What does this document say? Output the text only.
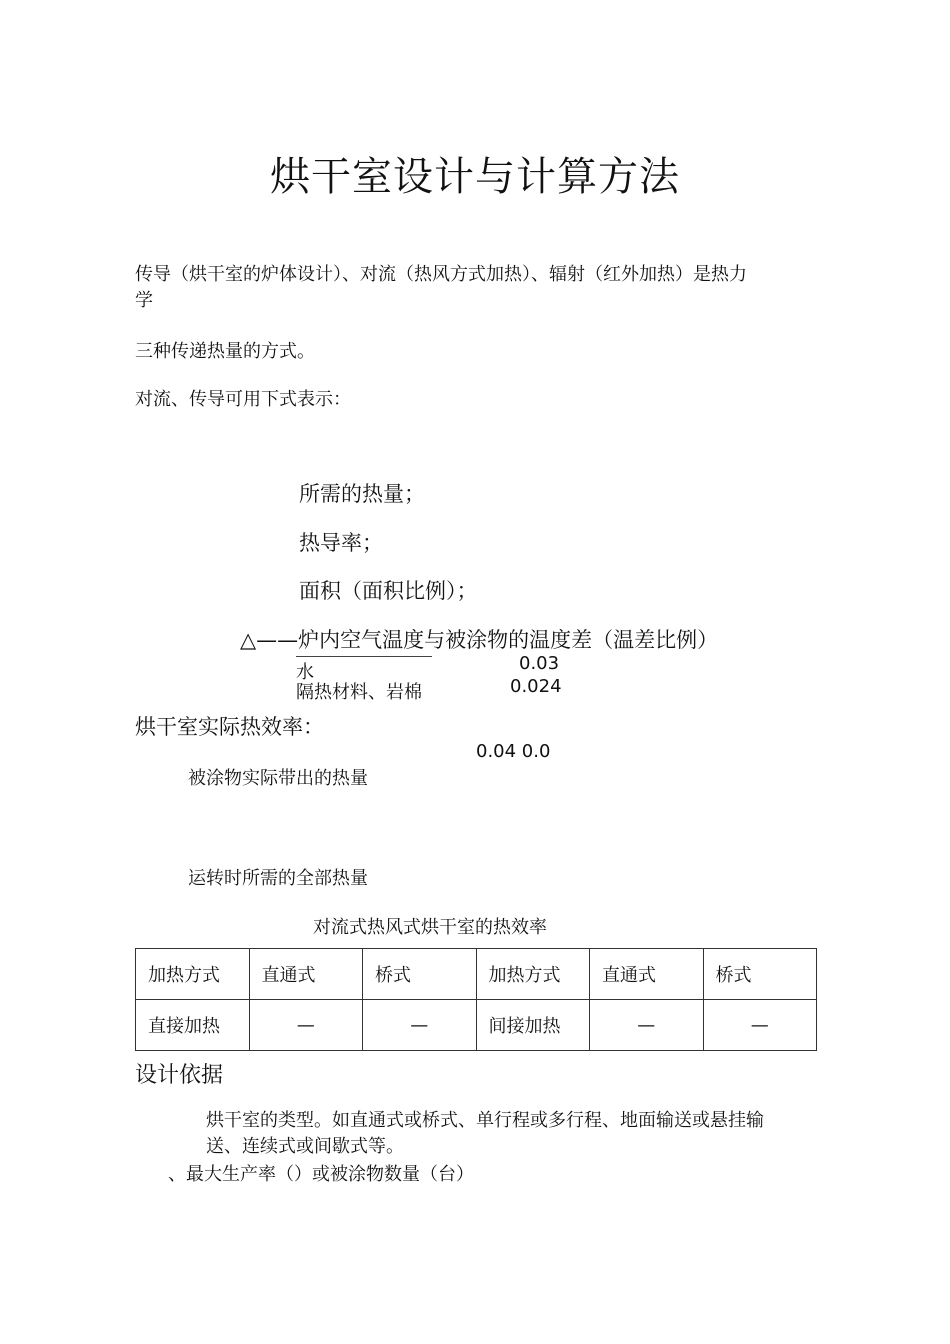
烘干室设计与计算方法
传导（烘干室的炉体设计）、对流（热风方式加热）、辐射（红外加热）是热力
学
三种传递热量的方式。
对流、传导可用下式表示：
所需的热量；
热导率；
面积（面积比例）；
△——炉内空气温度与被涂物的温度差（温差比例）
水	0.03
隔热材料、岩棉	0.024
烘干室实际热效率：
0.04 0.0
被涂物实际带出的热量
运转时所需的全部热量
对流式热风式烘干室的热效率
加热方式	直通式	桥式	加热方式	直通式	桥式
直接加热	—	—	间接加热	—	—
设计依据
烘干室的类型。如直通式或桥式、单行程或多行程、地面输送或悬挂输
送、连续式或间歇式等。
、最大生产率（）或被涂物数量（台）
